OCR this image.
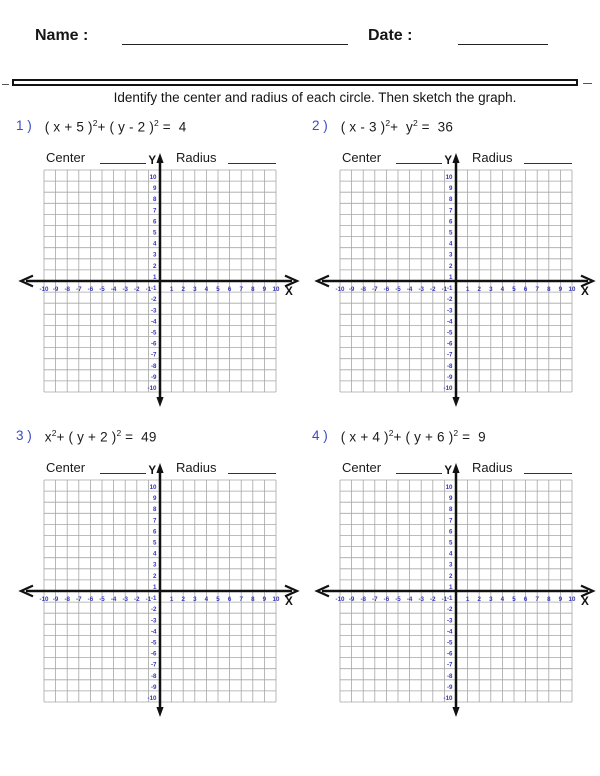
Name :	Date :
Identify the center and radius of each circle. Then sketch the graph.
1 ) ( x + 5 )$^2$+ ( y - 2 )$^2$ =  4
Center	Radius
Y
X
10
9
8
7
6
5
4
3
2
1
-1
-2
-3
-4
-5
-6
-7
-8
-9
-10
-10 -9 -8 -7 -6 -5 -4 -3 -2 -1	1 2 3 4 5 6 7 8 9 10
2 ) ( x - 3 )$^2+ y^2 = 36$
Center	Radius
Y
X
10
9
8
7
6
5
4
3
2
1
-1
-2
-3
-4
-5
-6
-7
-8
-9
-10
-10 -9 -8 -7 -6 -5 -4 -3 -2 -1	1 2 3 4 5 6 7 8 9 10
3 ) $x^2+$ ( y + 2 )$^2$ =  49
Center	Radius
Y
X
10
9
8
7
6
5
4
3
2
1
-1
-2
-3
-4
-5
-6
-7
-8
-9
-10
-10 -9 -8 -7 -6 -5 -4 -3 -2 -1	1 2 3 4 5 6 7 8 9 10
4 ) ( x + 4 )$^2$+ ( y + 6 )$^2$ =  9
Center	Radius
Y
X
10
9
8
7
6
5
4
3
2
1
-1
-2
-3
-4
-5
-6
-7
-8
-9
-10
-10 -9 -8 -7 -6 -5 -4 -3 -2 -1	1 2 3 4 5 6 7 8 9 10
